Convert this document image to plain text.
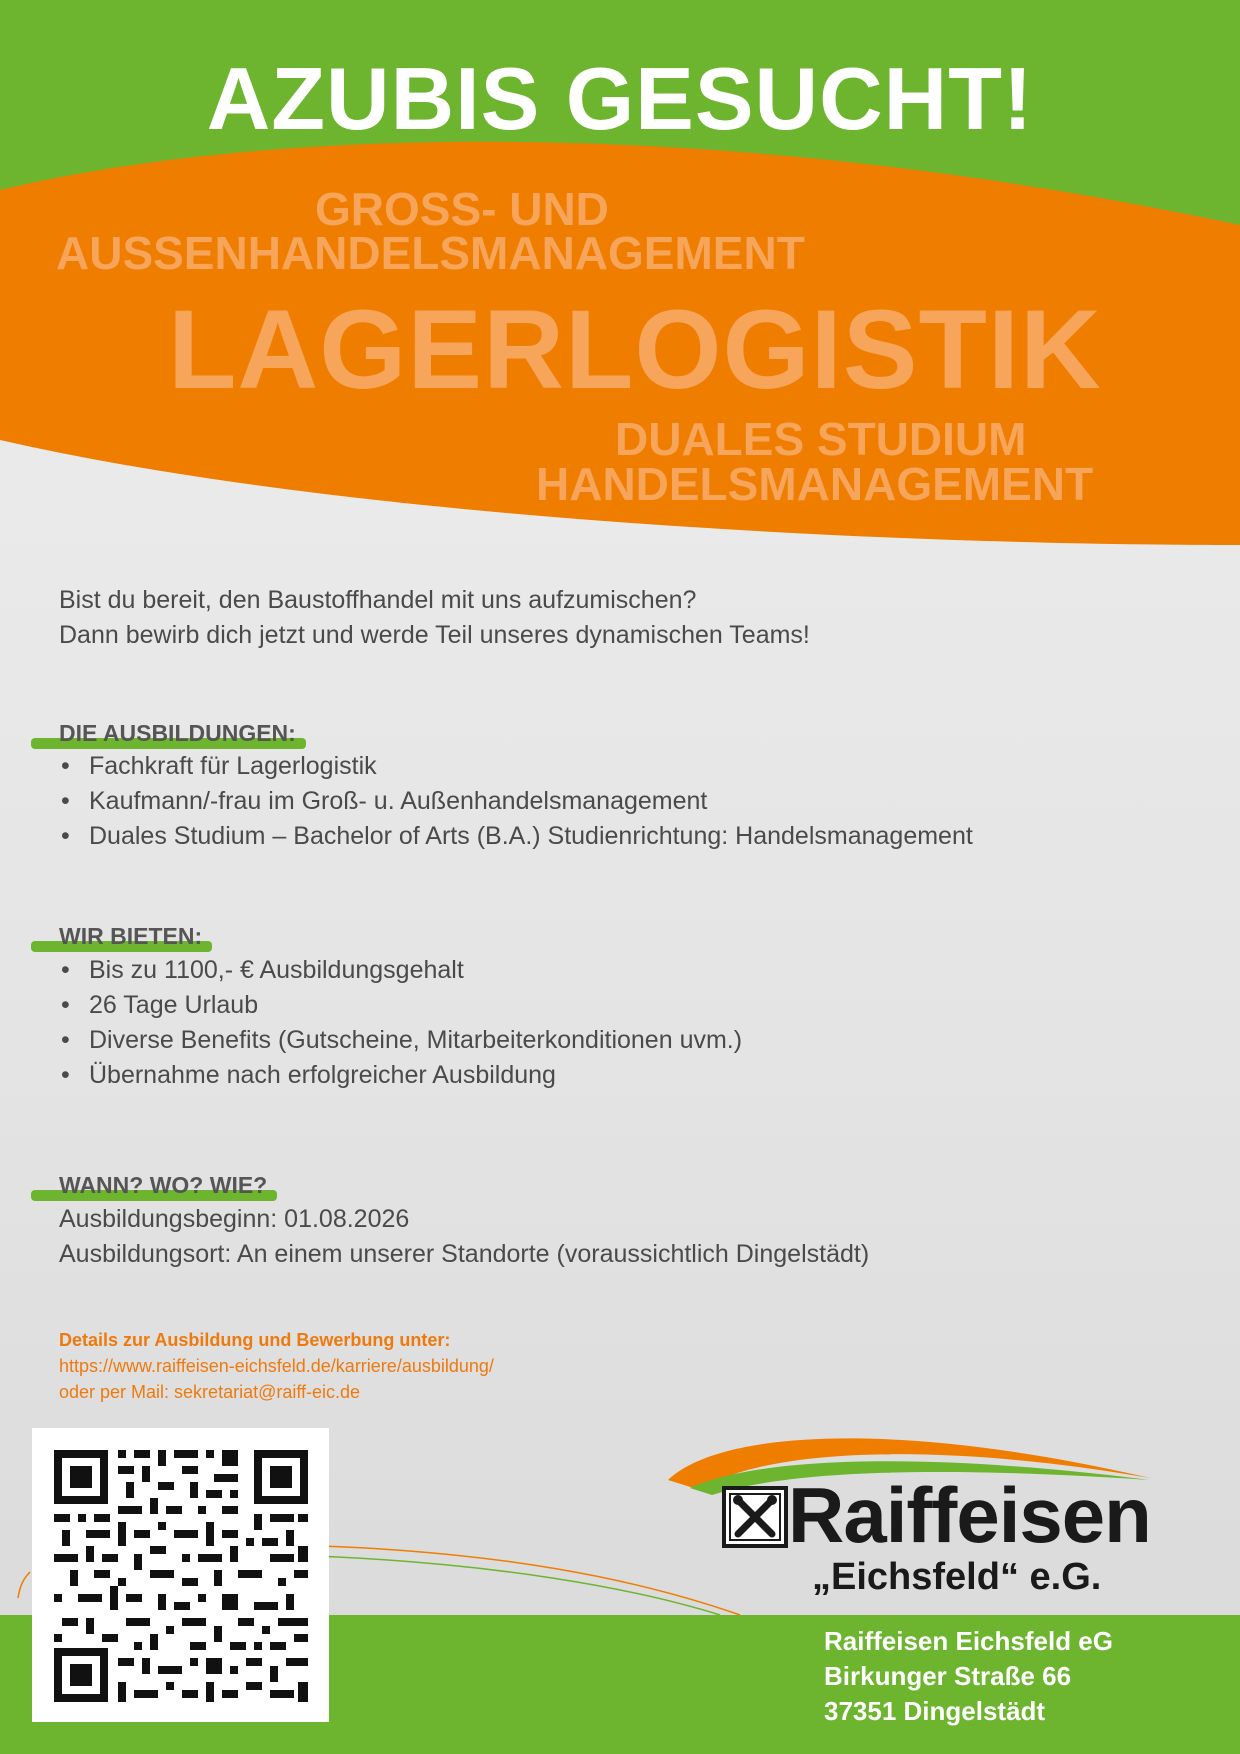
AZUBIS GESUCHT!
GROSS- UND
AUSSENHANDELSMANAGEMENT
LAGERLOGISTIK
DUALES STUDIUM
HANDELSMANAGEMENT
Bist du bereit, den Baustoffhandel mit uns aufzumischen?
Dann bewirb dich jetzt und werde Teil unseres dynamischen Teams!
DIE AUSBILDUNGEN:
• Fachkraft für Lagerlogistik
• Kaufmann/-frau im Groß- u. Außenhandelsmanagement
• Duales Studium – Bachelor of Arts (B.A.) Studienrichtung: Handelsmanagement
WIR BIETEN:
• Bis zu 1100,- € Ausbildungsgehalt
• 26 Tage Urlaub
• Diverse Benefits (Gutscheine, Mitarbeiterkonditionen uvm.)
• Übernahme nach erfolgreicher Ausbildung
WANN? WO? WIE?
Ausbildungsbeginn: 01.08.2026
Ausbildungsort: An einem unserer Standorte (voraussichtlich Dingelstädt)
Details zur Ausbildung und Bewerbung unter:
https://www.raiffeisen-eichsfeld.de/karriere/ausbildung/
oder per Mail: sekretariat@raiff-eic.de
Raiffeisen
„Eichsfeld“ e.G.
Raiffeisen Eichsfeld eG
Birkunger Straße 66
37351 Dingelstädt
